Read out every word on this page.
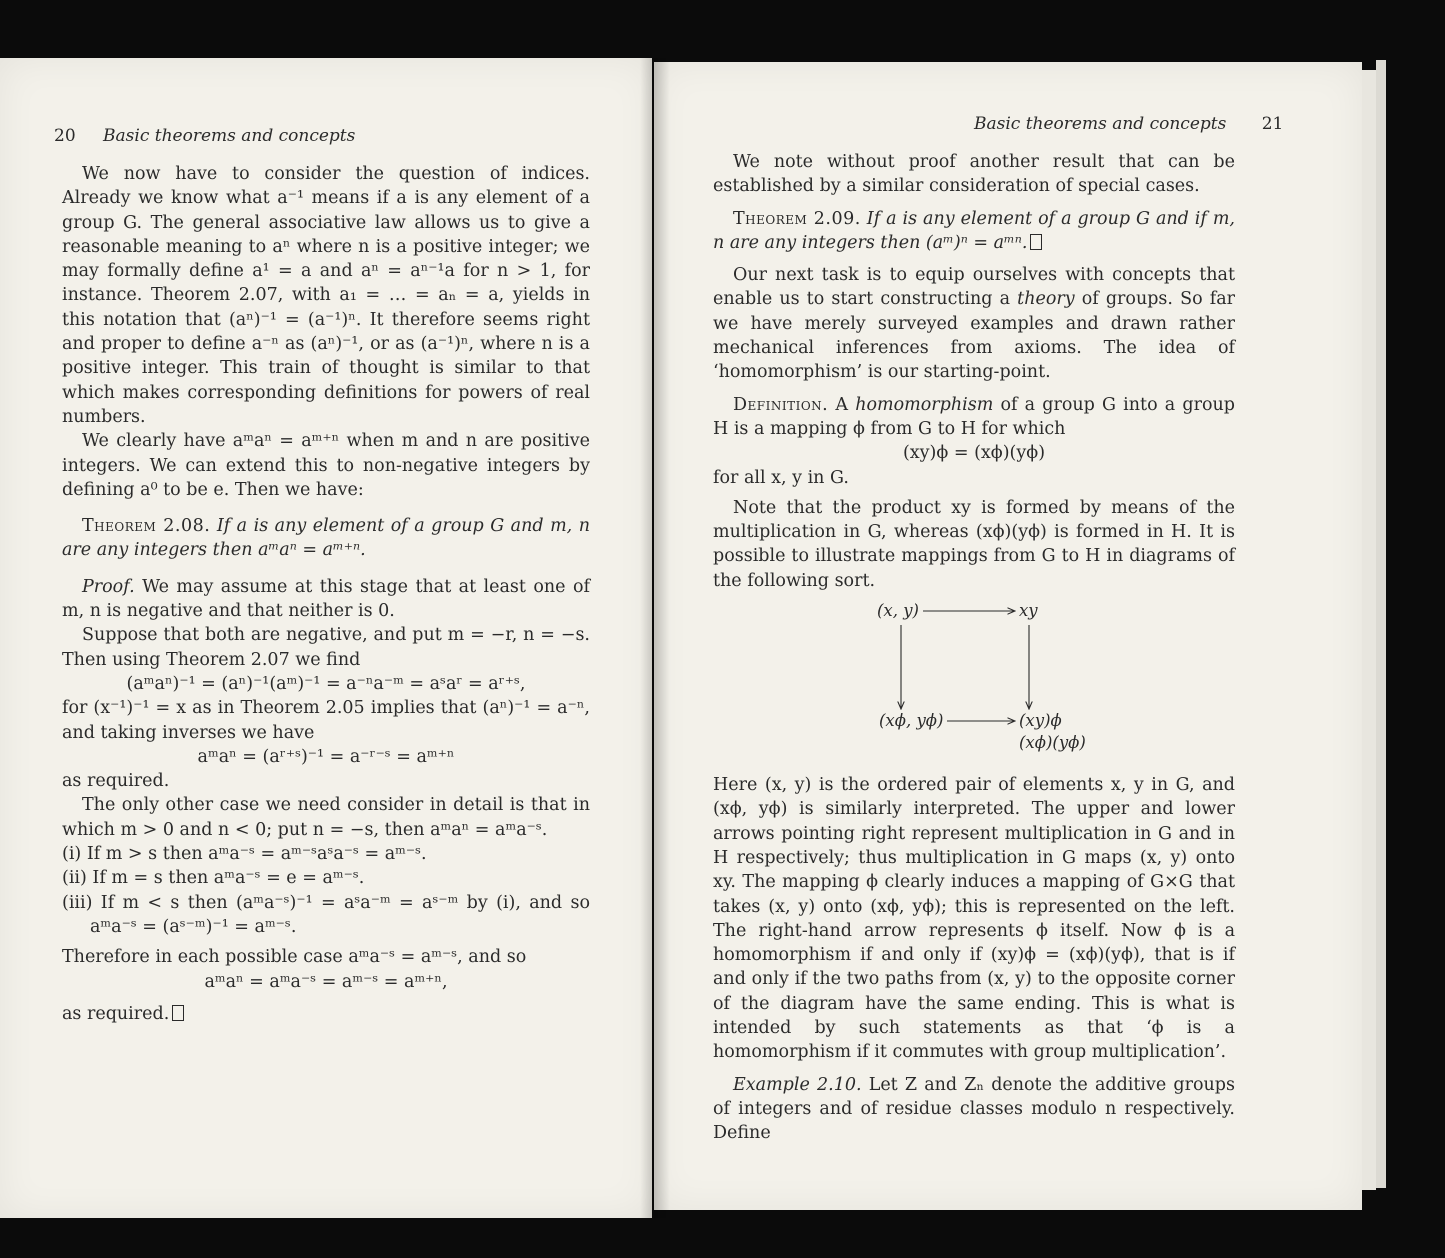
20 Basic theorems and concepts

We now have to consider the question of indices. Already we know what a⁻¹ means if a is any element of a group G. The general associative law allows us to give a reasonable meaning to aⁿ where n is a positive integer; we may formally define a¹ = a and aⁿ = aⁿ⁻¹a for n > 1, for instance. Theorem 2.07, with a₁ = … = aₙ = a, yields in this notation that (aⁿ)⁻¹ = (a⁻¹)ⁿ. It therefore seems right and proper to define a⁻ⁿ as (aⁿ)⁻¹, or as (a⁻¹)ⁿ, where n is a positive integer. This train of thought is similar to that which makes corresponding definitions for powers of real numbers.

We clearly have aᵐaⁿ = aᵐ⁺ⁿ when m and n are positive integers. We can extend this to non-negative integers by defining a⁰ to be e. Then we have:

Theorem 2.08. If a is any element of a group G and m, n are any integers then aᵐaⁿ = aᵐ⁺ⁿ.

Proof. We may assume at this stage that at least one of m, n is negative and that neither is 0.

Suppose that both are negative, and put m = −r, n = −s. Then using Theorem 2.07 we find

(aᵐaⁿ)⁻¹ = (aⁿ)⁻¹(aᵐ)⁻¹ = a⁻ⁿa⁻ᵐ = aˢaʳ = aʳ⁺ˢ,

for (x⁻¹)⁻¹ = x as in Theorem 2.05 implies that (aⁿ)⁻¹ = a⁻ⁿ, and taking inverses we have

aᵐaⁿ = (aʳ⁺ˢ)⁻¹ = a⁻ʳ⁻ˢ = aᵐ⁺ⁿ

as required.

The only other case we need consider in detail is that in which m > 0 and n < 0; put n = −s, then aᵐaⁿ = aᵐa⁻ˢ.

(i) If m > s then aᵐa⁻ˢ = aᵐ⁻ˢaˢa⁻ˢ = aᵐ⁻ˢ.

(ii) If m = s then aᵐa⁻ˢ = e = aᵐ⁻ˢ.

(iii) If m < s then (aᵐa⁻ˢ)⁻¹ = aˢa⁻ᵐ = aˢ⁻ᵐ by (i), and so aᵐa⁻ˢ = (aˢ⁻ᵐ)⁻¹ = aᵐ⁻ˢ.

Therefore in each possible case aᵐa⁻ˢ = aᵐ⁻ˢ, and so

aᵐaⁿ = aᵐa⁻ˢ = aᵐ⁻ˢ = aᵐ⁺ⁿ,

as required.

Basic theorems and concepts 21

We note without proof another result that can be established by a similar consideration of special cases.

Theorem 2.09. If a is any element of a group G and if m, n are any integers then (aᵐ)ⁿ = aᵐⁿ.

Our next task is to equip ourselves with concepts that enable us to start constructing a theory of groups. So far we have merely surveyed examples and drawn rather mechanical inferences from axioms. The idea of ‘homomorphism’ is our starting-point.

Definition. A homomorphism of a group G into a group H is a mapping ϕ from G to H for which

(xy)ϕ = (xϕ)(yϕ)

for all x, y in G.

Note that the product xy is formed by means of the multiplication in G, whereas (xϕ)(yϕ) is formed in H. It is possible to illustrate mappings from G to H in diagrams of the following sort.

(x, y)	xy
(xϕ, yϕ)	(xy)ϕ
(xϕ)(yϕ)

Here (x, y) is the ordered pair of elements x, y in G, and (xϕ, yϕ) is similarly interpreted. The upper and lower arrows pointing right represent multiplication in G and in H respectively; thus multiplication in G maps (x, y) onto xy. The mapping ϕ clearly induces a mapping of G×G that takes (x, y) onto (xϕ, yϕ); this is represented on the left. The right-hand arrow represents ϕ itself. Now ϕ is a homomorphism if and only if (xy)ϕ = (xϕ)(yϕ), that is if and only if the two paths from (x, y) to the opposite corner of the diagram have the same ending. This is what is intended by such statements as that ‘ϕ is a homomorphism if it commutes with group multiplication’.

Example 2.10. Let Z and Zₙ denote the additive groups of integers and of residue classes modulo n respectively. Define
